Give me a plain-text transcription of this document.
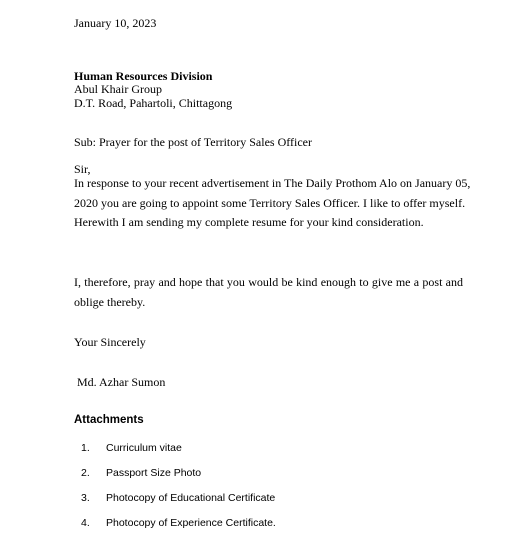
January 10, 2023
Human Resources Division
Abul Khair Group
D.T. Road, Pahartoli, Chittagong
Sub: Prayer for the post of Territory Sales Officer
Sir,
In response to your recent advertisement in The Daily Prothom Alo on January 05,
2020 you are going to appoint some Territory Sales Officer. I like to offer myself.
Herewith I am sending my complete resume for your kind consideration.
I, therefore, pray and hope that you would be kind enough to give me a post and
oblige thereby.
Your Sincerely
Md. Azhar Sumon
Attachments
1. Curriculum vitae
2. Passport Size Photo
3. Photocopy of Educational Certificate
4. Photocopy of Experience Certificate.
